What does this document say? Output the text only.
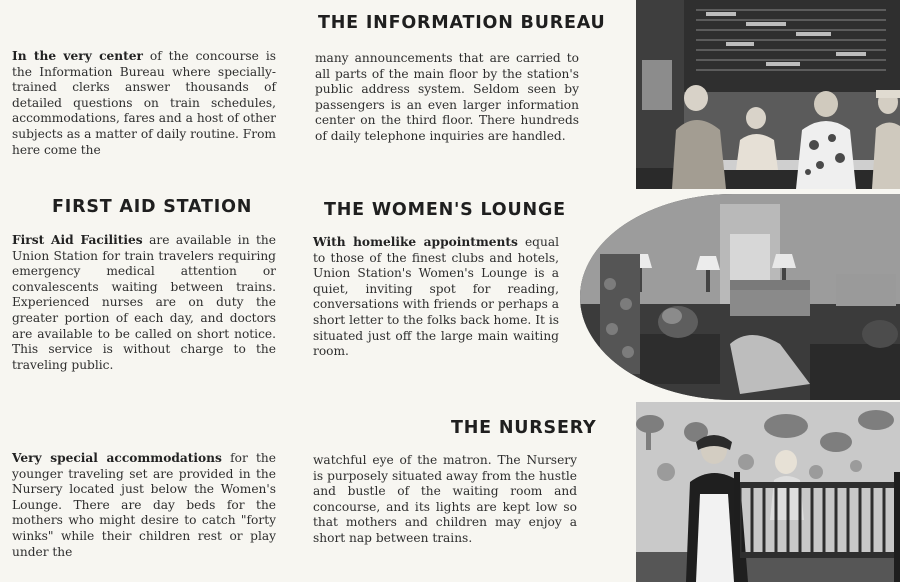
THE INFORMATION BUREAU

In the very center of the concourse is the Information Bureau where specially-trained clerks answer thousands of detailed questions on train schedules, accommodations, fares and a host of other subjects as a matter of daily routine. From here come the

many announcements that are carried to all parts of the main floor by the station's public address system. Seldom seen by passengers is an even larger information center on the third floor. There hundreds of daily telephone inquiries are handled.

FIRST AID STATION

First Aid Facilities are available in the Union Station for train travelers requiring emergency medical attention or convalescents waiting between trains. Experienced nurses are on duty the greater portion of each day, and doctors are available to be called on short notice. This service is without charge to the traveling public.

THE WOMEN'S LOUNGE

With homelike appointments equal to those of the finest clubs and hotels, Union Station's Women's Lounge is a quiet, inviting spot for reading, conversations with friends or perhaps a short letter to the folks back home. It is situated just off the large main waiting room.

THE NURSERY

Very special accommodations for the younger traveling set are provided in the Nursery located just below the Women's Lounge. There are day beds for the mothers who might desire to catch "forty winks" while their children rest or play under the

watchful eye of the matron. The Nursery is purposely situated away from the hustle and bustle of the waiting room and concourse, and its lights are kept low so that mothers and children may enjoy a short nap between trains.
